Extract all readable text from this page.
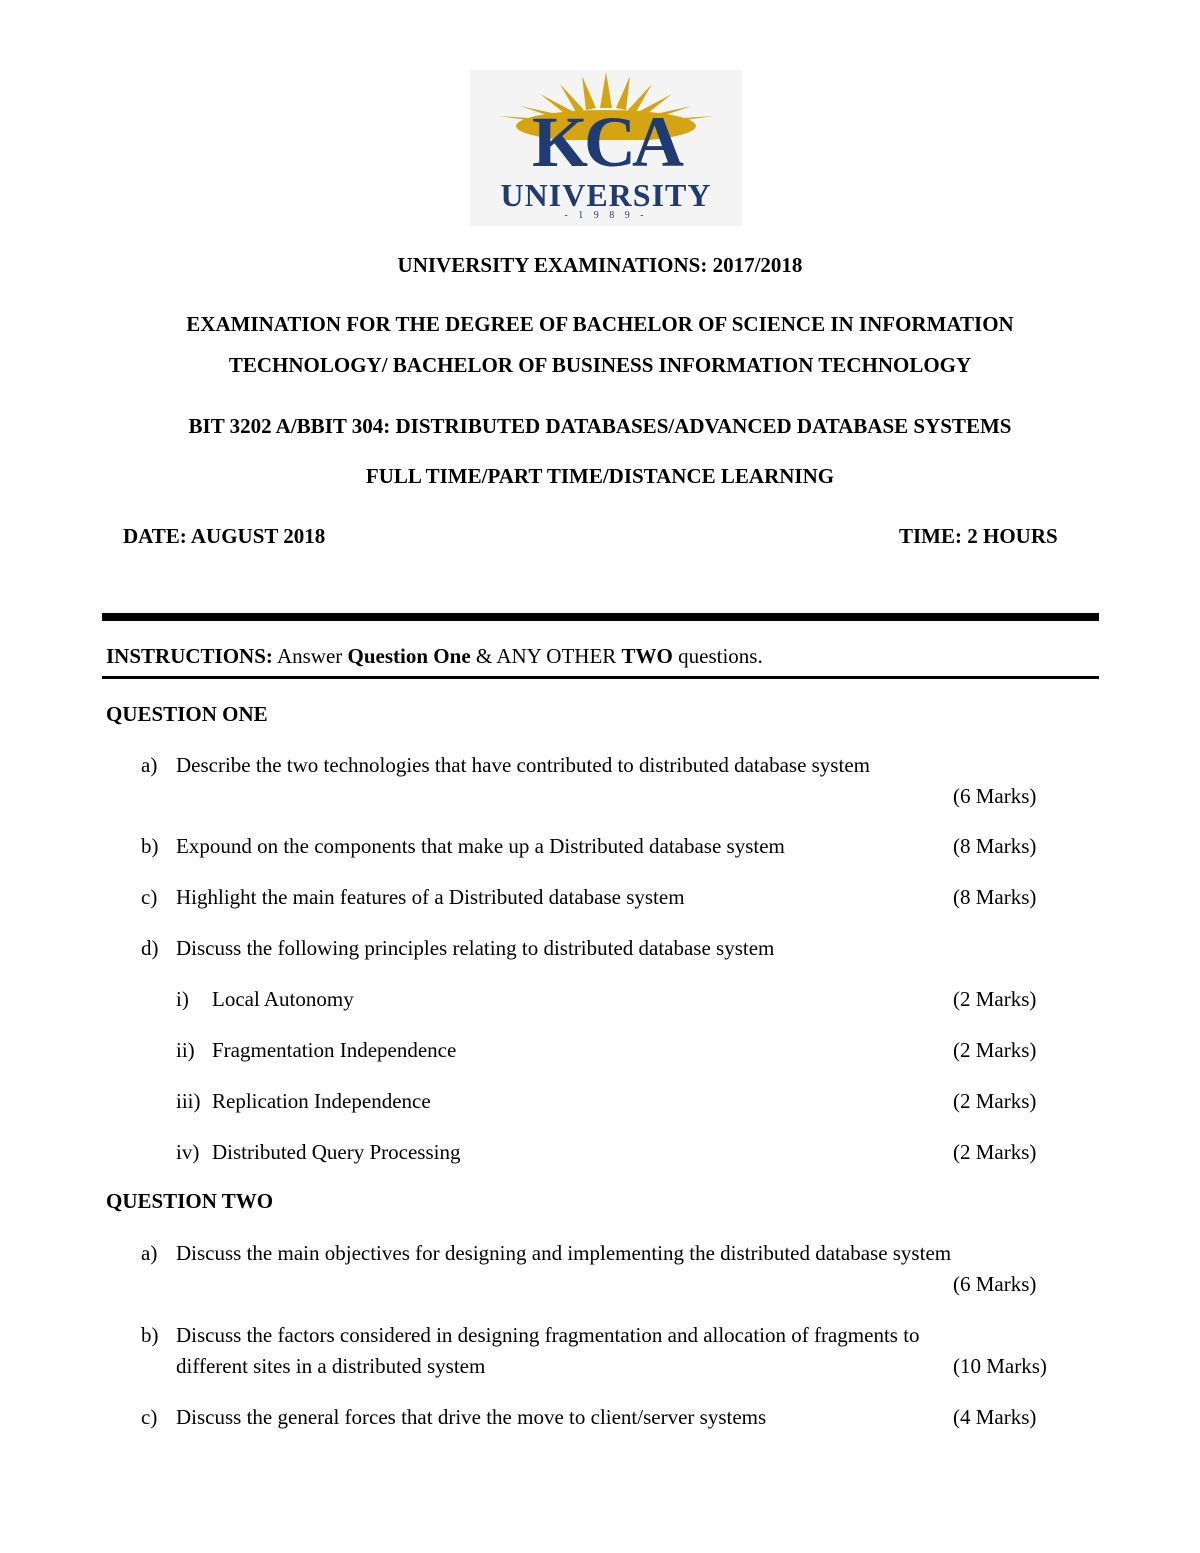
KCA
UNIVERSITY
- 1 9 8 9 -
UNIVERSITY EXAMINATIONS: 2017/2018
EXAMINATION FOR THE DEGREE OF BACHELOR OF SCIENCE IN INFORMATION
TECHNOLOGY/ BACHELOR OF BUSINESS INFORMATION TECHNOLOGY
BIT 3202 A/BBIT 304: DISTRIBUTED DATABASES/ADVANCED DATABASE SYSTEMS
FULL TIME/PART TIME/DISTANCE LEARNING
DATE: AUGUST 2018	TIME: 2 HOURS
INSTRUCTIONS: Answer Question One & ANY OTHER TWO questions.
QUESTION ONE
a) Describe the two technologies that have contributed to distributed database system
(6 Marks)
b) Expound on the components that make up a Distributed database system	(8 Marks)
c) Highlight the main features of a Distributed database system	(8 Marks)
d) Discuss the following principles relating to distributed database system
i) Local Autonomy	(2 Marks)
ii) Fragmentation Independence	(2 Marks)
iii) Replication Independence	(2 Marks)
iv) Distributed Query Processing	(2 Marks)
QUESTION TWO
a) Discuss the main objectives for designing and implementing the distributed database system
(6 Marks)
b) Discuss the factors considered in designing fragmentation and allocation of fragments to
different sites in a distributed system	(10 Marks)
c) Discuss the general forces that drive the move to client/server systems	(4 Marks)
